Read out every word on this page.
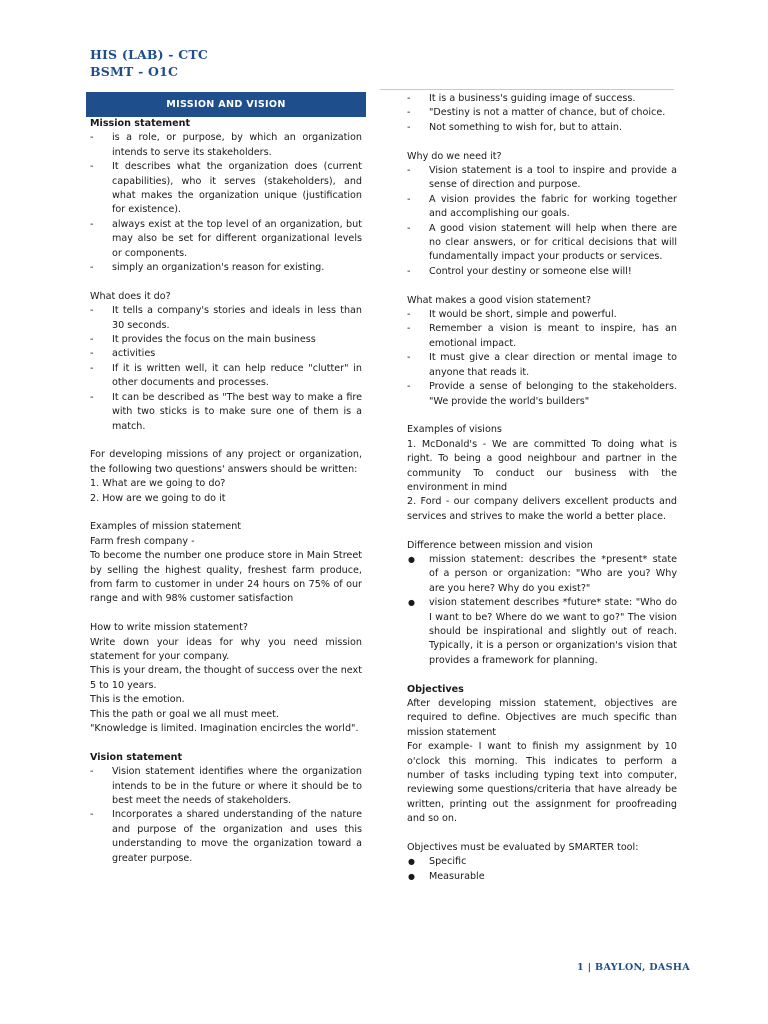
HIS (LAB) - CTC
BSMT - O1C
MISSION AND VISION
Mission statement
- is a role, or purpose, by which an organization intends to serve its stakeholders.
- It describes what the organization does (current capabilities), who it serves (stakeholders), and what makes the organization unique (justification for existence).
- always exist at the top level of an organization, but may also be set for different organizational levels or components.
- simply an organization's reason for existing.
What does it do?
- It tells a company's stories and ideals in less than 30 seconds.
- It provides the focus on the main business
- activities
- If it is written well, it can help reduce "clutter" in other documents and processes.
- It can be described as "The best way to make a fire with two sticks is to make sure one of them is a match.
For developing missions of any project or organization, the following two questions' answers should be written:
1. What are we going to do?
2. How are we going to do it
Examples of mission statement
Farm fresh company -
To become the number one produce store in Main Street by selling the highest quality, freshest farm produce, from farm to customer in under 24 hours on 75% of our range and with 98% customer satisfaction
How to write mission statement?
Write down your ideas for why you need mission statement for your company.
This is your dream, the thought of success over the next 5 to 10 years.
This is the emotion.
This the path or goal we all must meet.
"Knowledge is limited. Imagination encircles the world".
Vision statement
- Vision statement identifies where the organization intends to be in the future or where it should be to best meet the needs of stakeholders.
- Incorporates a shared understanding of the nature and purpose of the organization and uses this understanding to move the organization toward a greater purpose.
- It is a business's guiding image of success.
- "Destiny is not a matter of chance, but of choice.
- Not something to wish for, but to attain.
Why do we need it?
- Vision statement is a tool to inspire and provide a sense of direction and purpose.
- A vision provides the fabric for working together and accomplishing our goals.
- A good vision statement will help when there are no clear answers, or for critical decisions that will fundamentally impact your products or services.
- Control your destiny or someone else will!
What makes a good vision statement?
- It would be short, simple and powerful.
- Remember a vision is meant to inspire, has an emotional impact.
- It must give a clear direction or mental image to anyone that reads it.
- Provide a sense of belonging to the stakeholders. "We provide the world's builders"
Examples of visions
1. McDonald's - We are committed To doing what is right. To being a good neighbour and partner in the community To conduct our business with the environment in mind
2. Ford - our company delivers excellent products and services and strives to make the world a better place.
Difference between mission and vision
● mission statement: describes the *present* state of a person or organization: "Who are you? Why are you here? Why do you exist?"
● vision statement describes *future* state: "Who do I want to be? Where do we want to go?" The vision should be inspirational and slightly out of reach. Typically, it is a person or organization's vision that provides a framework for planning.
Objectives
After developing mission statement, objectives are required to define. Objectives are much specific than mission statement
For example- I want to finish my assignment by 10 o'clock this morning. This indicates to perform a number of tasks including typing text into computer, reviewing some questions/criteria that have already be written, printing out the assignment for proofreading and so on.
Objectives must be evaluated by SMARTER tool:
● Specific
● Measurable
1 | BAYLON, DASHA
